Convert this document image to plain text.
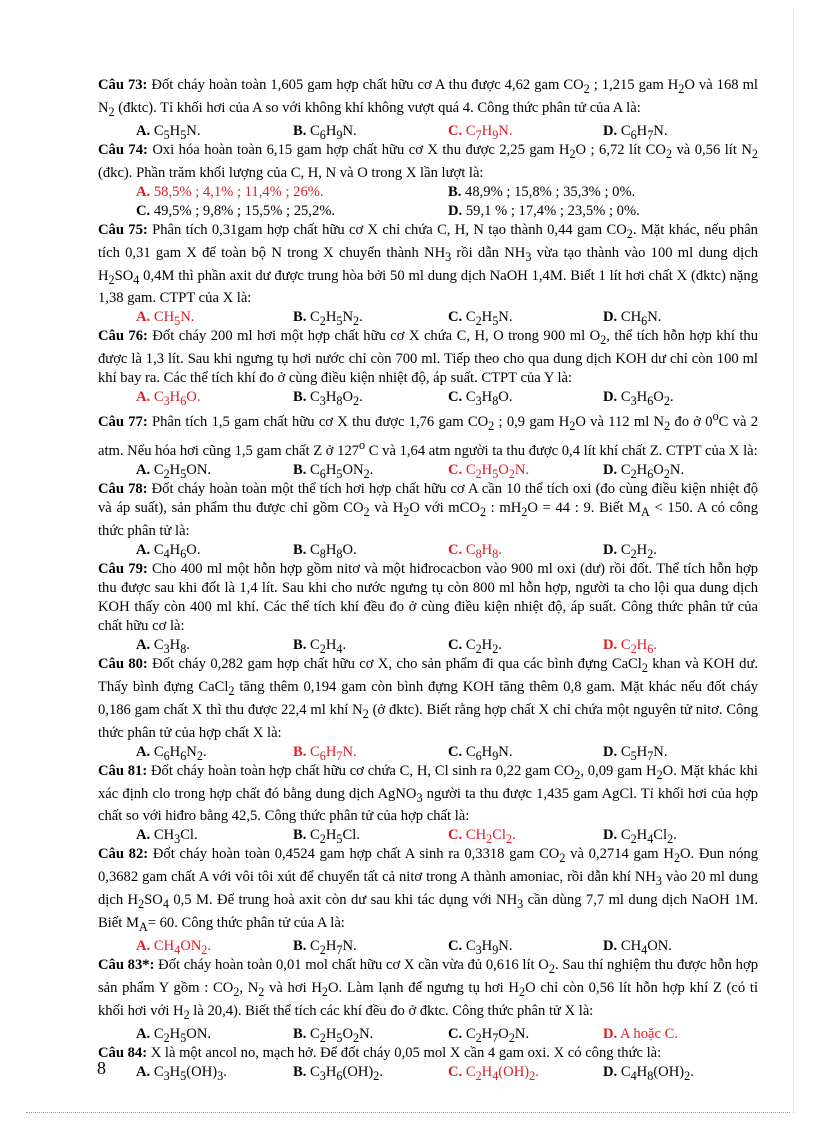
Câu 73: Đốt cháy hoàn toàn 1,605 gam hợp chất hữu cơ A thu được 4,62 gam $CO_2$ ; 1,215 gam $H_2O$ và 168 ml $N_2$ (đktc). Tỉ khối hơi của A so với không khí không vượt quá 4. Công thức phân tử của A là:

A. $C_5H_5N$.	B. $C_6H_9N$.	C. $C_7H_9N$.	D. $C_6H_7N$.

Câu 74: Oxi hóa hoàn toàn 6,15 gam hợp chất hữu cơ X thu được 2,25 gam $H_2O$ ; 6,72 lít $CO_2$ và 0,56 lít $N_2$ (đkc). Phần trăm khối lượng của C, H, N và O trong X lần lượt là:

A. 58,5% ; 4,1% ; 11,4% ; 26%.	B. 48,9% ; 15,8% ; 35,3% ; 0%.
C. 49,5% ; 9,8% ; 15,5% ; 25,2%.	D. 59,1 % ; 17,4% ; 23,5% ; 0%.

Câu 75: Phân tích 0,31gam hợp chất hữu cơ X chỉ chứa C, H, N tạo thành 0,44 gam $CO_2$. Mặt khác, nếu phân tích 0,31 gam X để toàn bộ N trong X chuyển thành $NH_3$ rồi dẫn $NH_3$ vừa tạo thành vào 100 ml dung dịch $H_2SO_4$ 0,4M thì phần axit dư được trung hòa bởi 50 ml dung dịch NaOH 1,4M. Biết 1 lít hơi chất X (đktc) nặng 1,38 gam. CTPT của X là:

A. $CH_5N$.	B. $C_2H_5N_2$.	C. $C_2H_5N$.	D. $CH_6N$.

Câu 76: Đốt cháy 200 ml hơi một hợp chất hữu cơ X chứa C, H, O trong 900 ml $O_2$, thể tích hỗn hợp khí thu được là 1,3 lít. Sau khi ngưng tụ hơi nước chỉ còn 700 ml. Tiếp theo cho qua dung dịch KOH dư chỉ còn 100 ml khí bay ra. Các thể tích khí đo ở cùng điều kiện nhiệt độ, áp suất. CTPT của Y là:

A. $C_3H_6O$.	B. $C_3H_8O_2$.	C. $C_3H_8O$.	D. $C_3H_6O_2$.

Câu 77: Phân tích 1,5 gam chất hữu cơ X thu được 1,76 gam $CO_2$ ; 0,9 gam $H_2O$ và 112 ml $N_2$ đo ở 0$^o$C và 2 atm. Nếu hóa hơi cũng 1,5 gam chất Z ở 127$^o$ C và 1,64 atm người ta thu được 0,4 lít khí chất Z. CTPT của X là:

A. $C_2H_5ON$.	B. $C_6H_5ON_2$.	C. $C_2H_5O_2N$.	D. $C_2H_6O_2N$.

Câu 78: Đốt cháy hoàn toàn một thể tích hơi hợp chất hữu cơ A cần 10 thể tích oxi (đo cùng điều kiện nhiệt độ và áp suất), sản phẩm thu được chỉ gồm $CO_2$ và $H_2O$ với mCO$_2$ : $mH_2O = 44$ : 9. Biết $M_A < 150$. A có công thức phân tử là:

A. $C_4H_6O$.	B. $C_8H_8O$.	C. $C_8H_8$.	D. $C_2H_2$.

Câu 79: Cho 400 ml một hỗn hợp gồm nitơ và một hiđrocacbon vào 900 ml oxi (dư) rồi đốt. Thể tích hỗn hợp thu được sau khi đốt là 1,4 lít. Sau khi cho nước ngưng tụ còn 800 ml hỗn hợp, người ta cho lội qua dung dịch KOH thấy còn 400 ml khí. Các thể tích khí đều đo ở cùng điều kiện nhiệt độ, áp suất. Công thức phân tử của chất hữu cơ là:

A. $C_3H_8$.	B. $C_2H_4$.	C. $C_2H_2$.	D. $C_2H_6$.

Câu 80: Đốt cháy 0,282 gam hợp chất hữu cơ X, cho sản phẩm đi qua các bình đựng CaCl$_2$ khan và KOH dư. Thấy bình đựng CaCl$_2$ tăng thêm 0,194 gam còn bình đựng KOH tăng thêm 0,8 gam. Mặt khác nếu đốt cháy 0,186 gam chất X thì thu được 22,4 ml khí $N_2$ (ở đktc). Biết rằng hợp chất X chỉ chứa một nguyên tử nitơ. Công thức phân tử của hợp chất X là:

A. $C_6H_6N_2$.	B. $C_6H_7N$.	C. $C_6H_9N$.	D. $C_5H_7N$.

Câu 81: Đốt cháy hoàn toàn hợp chất hữu cơ chứa C, H, Cl sinh ra 0,22 gam $CO_2$, 0,09 gam $H_2O$. Mặt khác khi xác định clo trong hợp chất đó bằng dung dịch AgNO$_3$ người ta thu được 1,435 gam AgCl. Tỉ khối hơi của hợp chất so với hiđro bằng 42,5. Công thức phân tử của hợp chất là:

A. $CH_3Cl$.	B. $C_2H_5Cl$.	C. $CH_2Cl_2$.	D. $C_2H_4Cl_2$.

Câu 82: Đốt cháy hoàn toàn 0,4524 gam hợp chất A sinh ra 0,3318 gam $CO_2$ và 0,2714 gam $H_2O$. Đun nóng 0,3682 gam chất A với vôi tôi xút để chuyển tất cả nitơ trong A thành amoniac, rồi dẫn khí $NH_3$ vào 20 ml dung dịch $H_2SO_4$ 0,5 M. Để trung hoà axit còn dư sau khi tác dụng với $NH_3$ cần dùng 7,7 ml dung dịch NaOH 1M. Biết $M_A= 60$. Công thức phân tử của A là:

A. $CH_4ON_2$.	B. $C_2H_7N$.	C. $C_3H_9N$.	D. $CH_4ON$.

Câu 83*: Đốt cháy hoàn toàn 0,01 mol chất hữu cơ X cần vừa đủ 0,616 lít $O_2$. Sau thí nghiệm thu được hỗn hợp sản phẩm Y gồm : $CO_2$, $N_2$ và hơi $H_2O$. Làm lạnh để ngưng tụ hơi $H_2O$ chỉ còn 0,56 lít hỗn hợp khí Z (có tỉ khối hơi với $H_2$ là 20,4). Biết thể tích các khí đều đo ở đktc. Công thức phân tử X là:

A. $C_2H_5ON$.	B. $C_2H_5O_2N$.	C. $C_2H_7O_2N$.	D. A hoặc C.

Câu 84: X là một ancol no, mạch hở. Để đốt cháy 0,05 mol X cần 4 gam oxi. X có công thức là:

A. $C_3H_5(OH)_3$.	B. $C_3H_6(OH)_2$.	C. $C_2H_4(OH)_2$.	D. $C_4H_8(OH)_2$.
8
